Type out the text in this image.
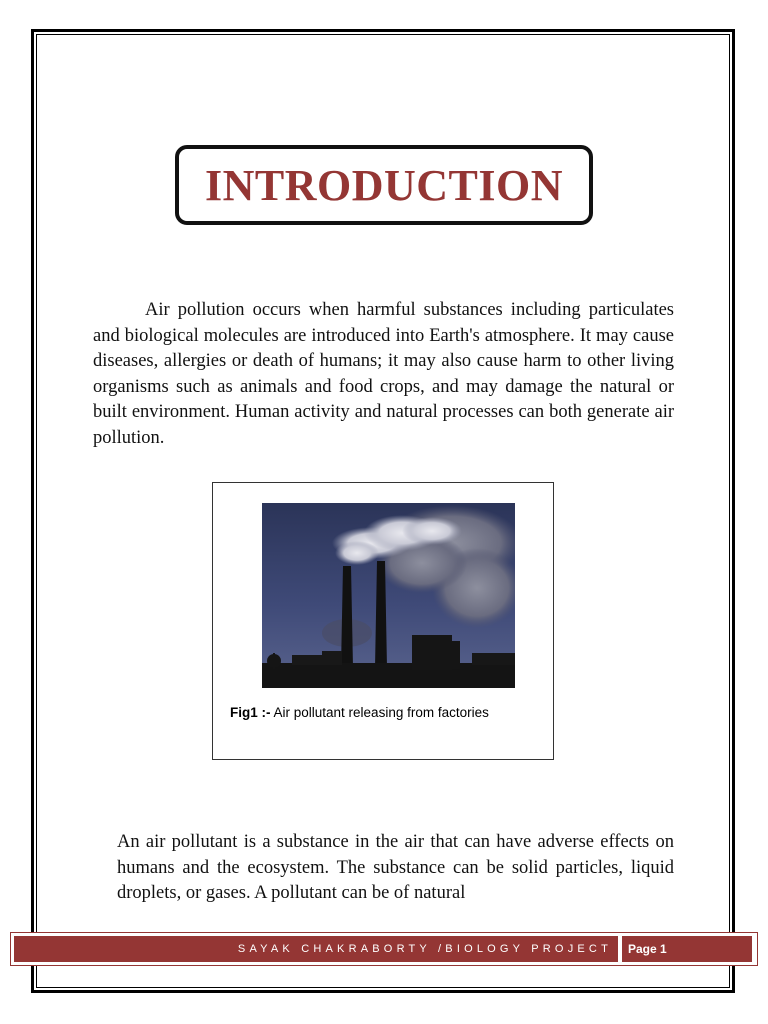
INTRODUCTION

Air pollution occurs when harmful substances including particulates and biological molecules are introduced into Earth's atmosphere. It may cause diseases, allergies or death of humans; it may also cause harm to other living organisms such as animals and food crops, and may damage the natural or built environment. Human activity and natural processes can both generate air pollution.

Fig1 :- Air pollutant releasing from factories

An air pollutant is a substance in the air that can have adverse effects on humans and the ecosystem. The substance can be solid particles, liquid droplets, or gases. A pollutant can be of natural

SAYAK CHAKRABORTY /BIOLOGY PROJECT	Page 1
